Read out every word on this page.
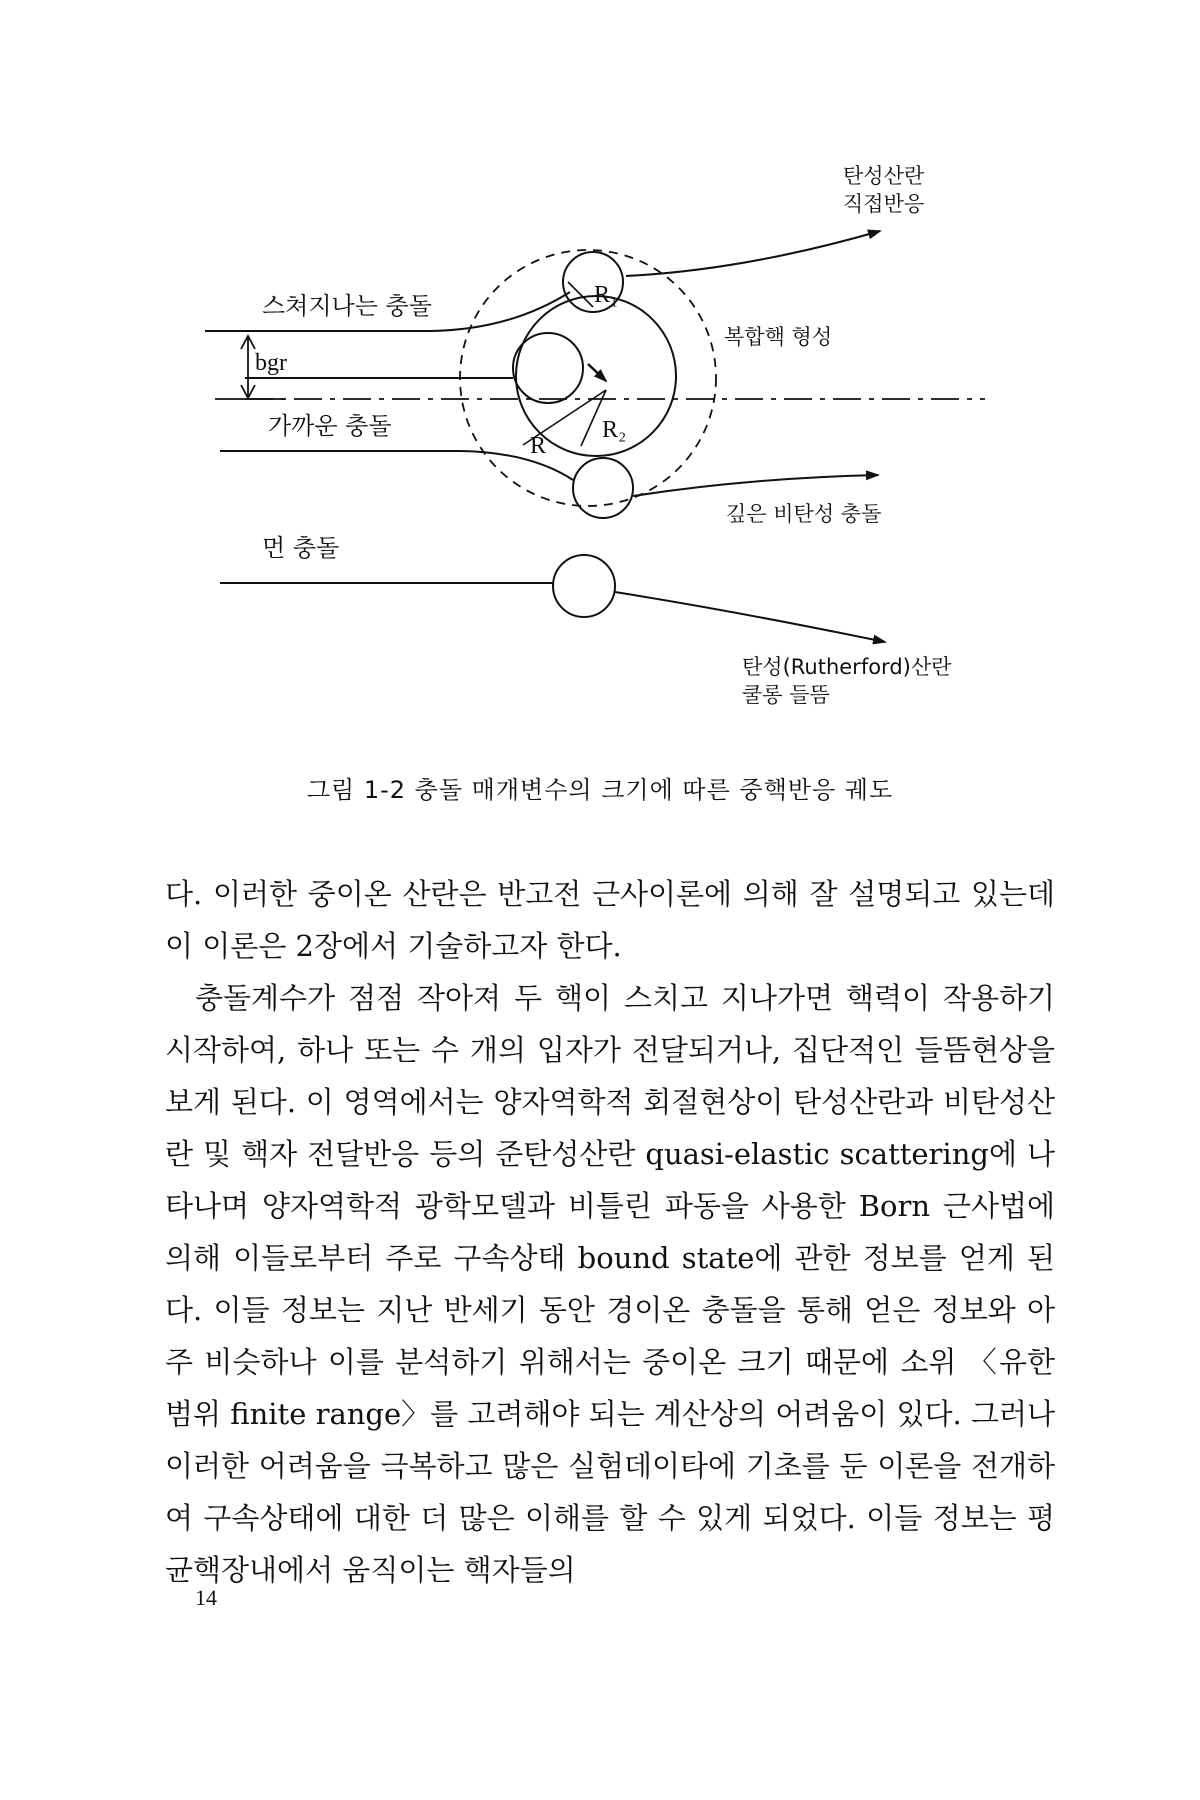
탄성산란
직접반응
스쳐지나는 충돌
복합핵 형성
bgr
가까운 충돌
깊은 비탄성 충돌
먼 충돌
탄성(Rutherford)산란
쿨롱 들뜸
R₁
R
R₂
그림 1-2 충돌 매개변수의 크기에 따른 중핵반응 궤도

다. 이러한 중이온 산란은 반고전 근사이론에 의해 잘 설명되고 있는데 이 이론은 2장에서 기술하고자 한다.

충돌계수가 점점 작아져 두 핵이 스치고 지나가면 핵력이 작용하기 시작하여, 하나 또는 수 개의 입자가 전달되거나, 집단적인 들뜸현상을 보게 된다. 이 영역에서는 양자역학적 회절현상이 탄성산란과 비탄성산란 및 핵자 전달반응 등의 준탄성산란 quasi-elastic scattering에 나타나며 양자역학적 광학모델과 비틀린 파동을 사용한 Born 근사법에 의해 이들로부터 주로 구속상태 bound state에 관한 정보를 얻게 된다. 이들 정보는 지난 반세기 동안 경이온 충돌을 통해 얻은 정보와 아주 비슷하나 이를 분석하기 위해서는 중이온 크기 때문에 소위 〈유한범위 finite range〉를 고려해야 되는 계산상의 어려움이 있다. 그러나 이러한 어려움을 극복하고 많은 실험데이타에 기초를 둔 이론을 전개하여 구속상태에 대한 더 많은 이해를 할 수 있게 되었다. 이들 정보는 평균핵장내에서 움직이는 핵자들의

14
